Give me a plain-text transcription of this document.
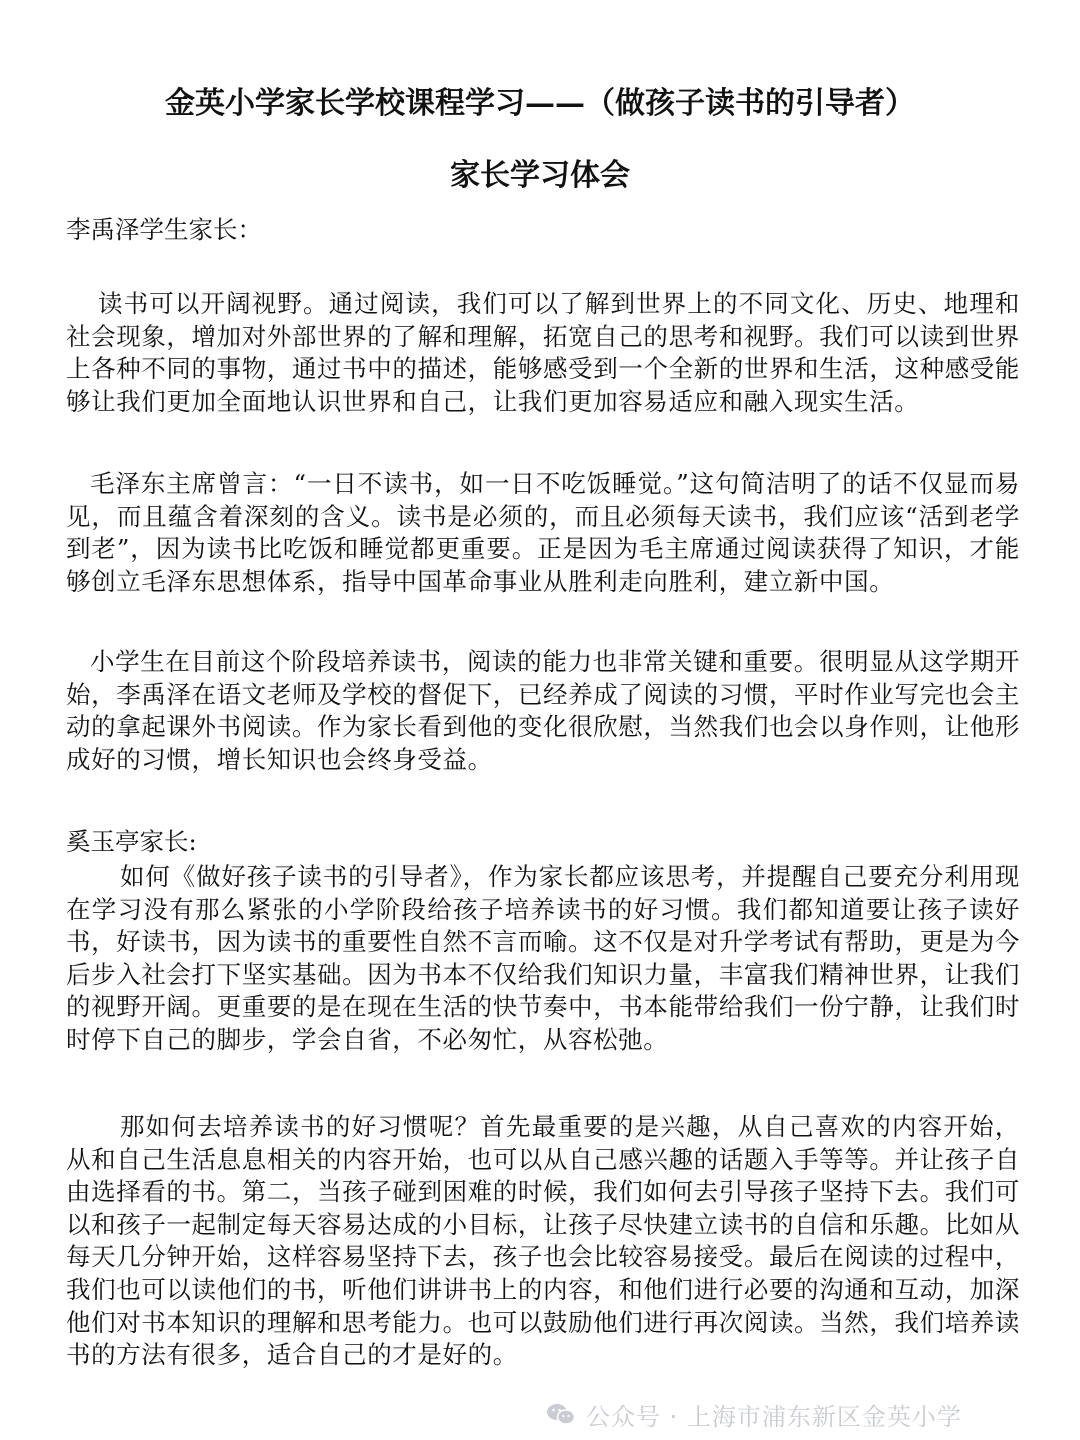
金英小学家长学校课程学习——（做孩子读书的引导者）
家长学习体会

李禹泽学生家长：

读书可以开阔视野。通过阅读，我们可以了解到世界上的不同文化、历史、地理和社会现象，增加对外部世界的了解和理解，拓宽自己的思考和视野。我们可以读到世界上各种不同的事物，通过书中的描述，能够感受到一个全新的世界和生活，这种感受能够让我们更加全面地认识世界和自己，让我们更加容易适应和融入现实生活。

毛泽东主席曾言：“一日不读书，如一日不吃饭睡觉。”这句简洁明了的话不仅显而易见，而且蕴含着深刻的含义。读书是必须的，而且必须每天读书，我们应该“活到老学到老”，因为读书比吃饭和睡觉都更重要。正是因为毛主席通过阅读获得了知识，才能够创立毛泽东思想体系，指导中国革命事业从胜利走向胜利，建立新中国。

小学生在目前这个阶段培养读书，阅读的能力也非常关键和重要。很明显从这学期开始，李禹泽在语文老师及学校的督促下，已经养成了阅读的习惯，平时作业写完也会主动的拿起课外书阅读。作为家长看到他的变化很欣慰，当然我们也会以身作则，让他形成好的习惯，增长知识也会终身受益。

奚玉亭家长:

如何《做好孩子读书的引导者》，作为家长都应该思考，并提醒自己要充分利用现在学习没有那么紧张的小学阶段给孩子培养读书的好习惯。我们都知道要让孩子读好书，好读书，因为读书的重要性自然不言而喻。这不仅是对升学考试有帮助，更是为今后步入社会打下坚实基础。因为书本不仅给我们知识力量，丰富我们精神世界，让我们的视野开阔。更重要的是在现在生活的快节奏中，书本能带给我们一份宁静，让我们时时停下自己的脚步，学会自省，不必匆忙，从容松弛。

那如何去培养读书的好习惯呢？首先最重要的是兴趣，从自己喜欢的内容开始，从和自己生活息息相关的内容开始，也可以从自己感兴趣的话题入手等等。并让孩子自由选择看的书。第二，当孩子碰到困难的时候，我们如何去引导孩子坚持下去。我们可以和孩子一起制定每天容易达成的小目标，让孩子尽快建立读书的自信和乐趣。比如从每天几分钟开始，这样容易坚持下去，孩子也会比较容易接受。最后在阅读的过程中，我们也可以读他们的书，听他们讲讲书上的内容，和他们进行必要的沟通和互动，加深他们对书本知识的理解和思考能力。也可以鼓励他们进行再次阅读。当然，我们培养读书的方法有很多，适合自己的才是好的。

公众号 · 上海市浦东新区金英小学
